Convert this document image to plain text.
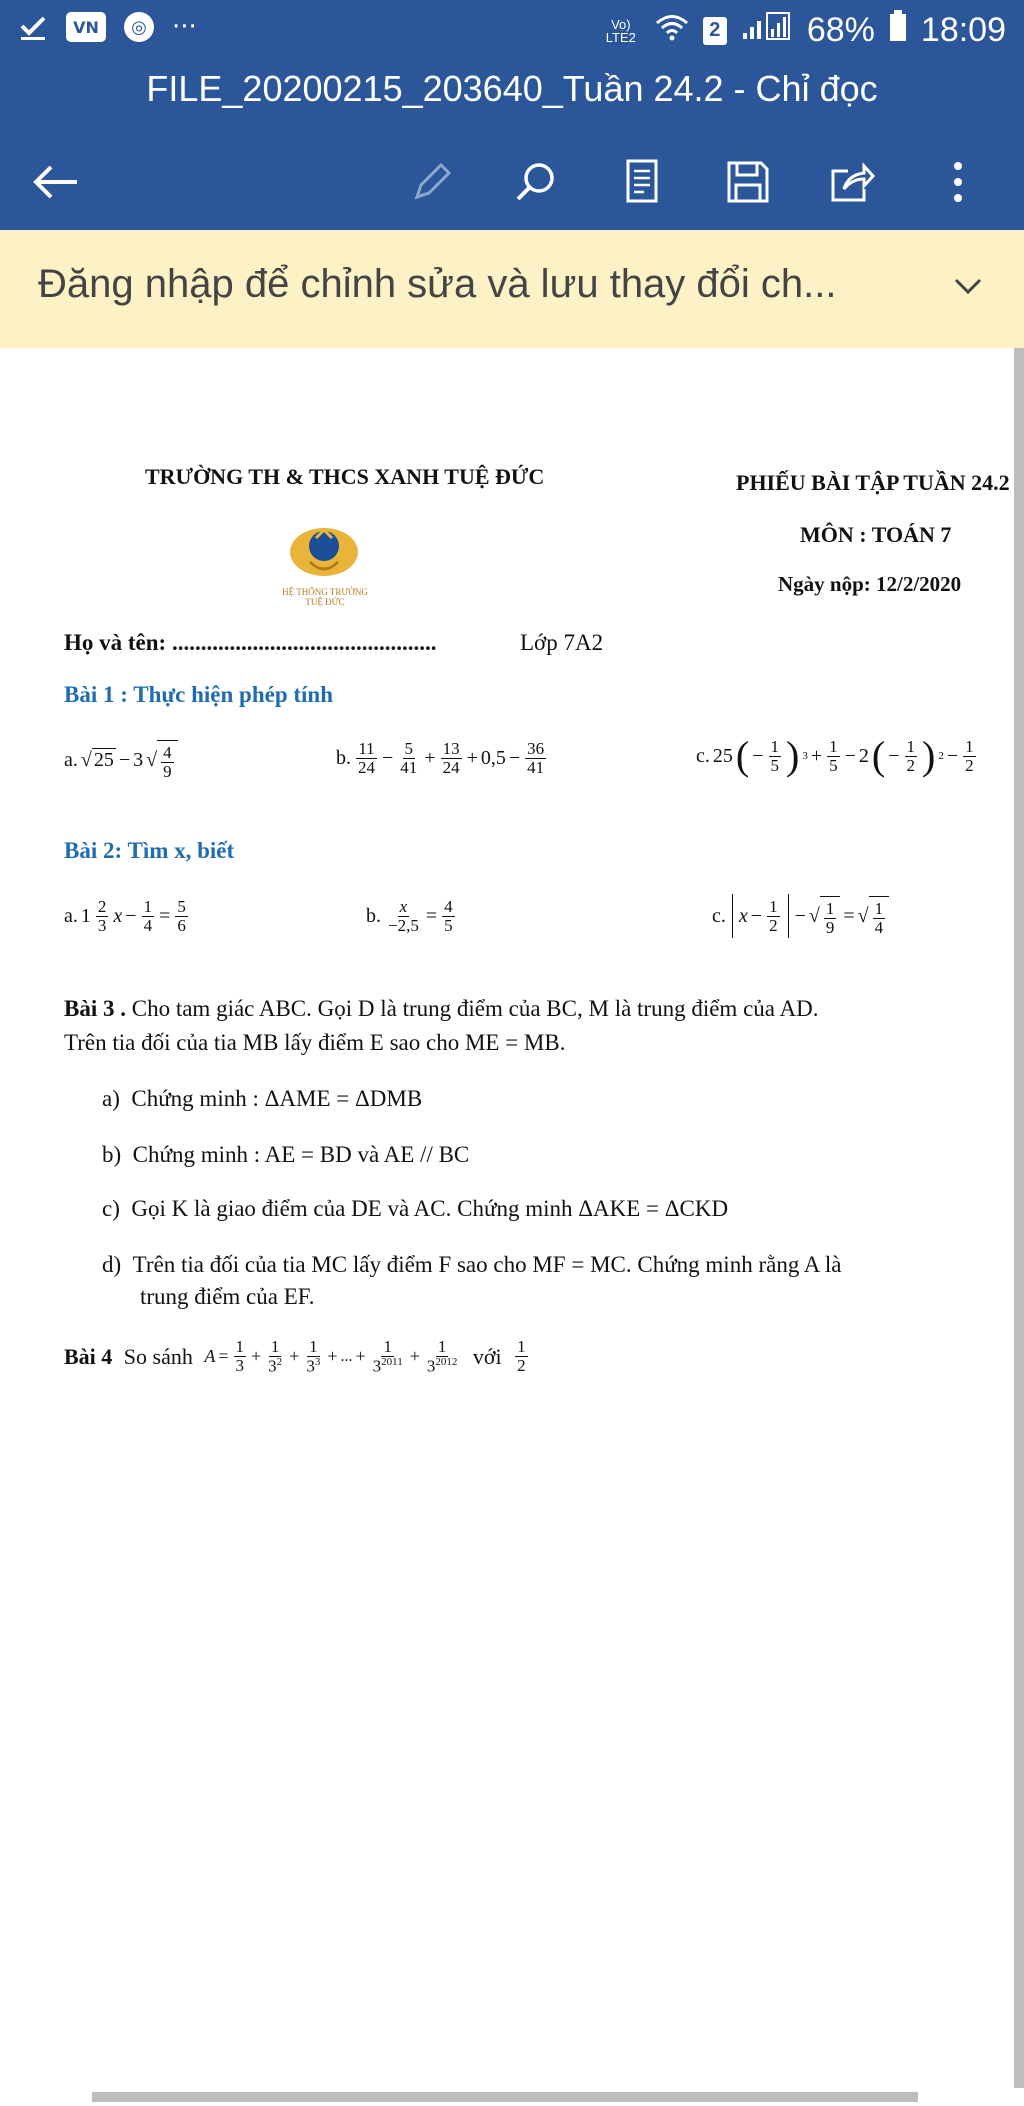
VN	◎ ···	Vo) LTE2	2	68% 18:09
FILE_20200215_203640_Tuần 24.2 - Chỉ đọc
Đăng nhập để chỉnh sửa và lưu thay đổi ch...
TRƯỜNG TH & THCS XANH TUỆ ĐỨC	PHIẾU BÀI TẬP TUẦN 24.2
MÔN : TOÁN 7
Ngày nộp: 12/2/2020
HỆ THỐNG TRƯỜNG
TUỆ ĐỨC
Họ và tên: ..............................................	Lớp 7A2
Bài 1 : Thực hiện phép tính
a. √ 25 − 3 √ $\frac{4}{9}$	b. $\frac{11}{24} - \frac{5}{41} + \frac{13}{24} + 0,5 - \frac{36}{41}$	c. 25 ( − $\frac{1}{5}$ ) $3 + \frac{1}{5} - 2$ ( − $\frac{1}{2}$ ) $2 - \frac{1}{2}$
Bài 2: Tìm x, biết
a. $1 \frac{2}{3}$ $x - \frac{1}{4} = \frac{5}{6}$	b. $\frac{x}{-2,5} = \frac{4}{5}$	c. $x - \frac{1}{2}$ − √ $\frac{1}{9}$ = √ $\frac{1}{4}$
Bài 3 . Cho tam giác ABC. Gọi D là trung điểm của BC, M là trung điểm của AD.
Trên tia đối của tia MB lấy điểm E sao cho ME = MB.
a) Chứng minh : ΔAME = ΔDMB
b) Chứng minh : AE = BD và AE // BC
c) Gọi K là giao điểm của DE và AC. Chứng minh ΔAKE = ΔCKD
d) Trên tia đối của tia MC lấy điểm F sao cho MF = MC. Chứng minh rằng A là
trung điểm của EF.
Bài 4
So sánh
$A = \frac{1}{3} + \frac{1}{3^2} + \frac{1}{3^3}$ + ... + $\frac{1}{3^{2011}} + \frac{1}{3^{2012}}$
với
$\frac{1}{2}$
